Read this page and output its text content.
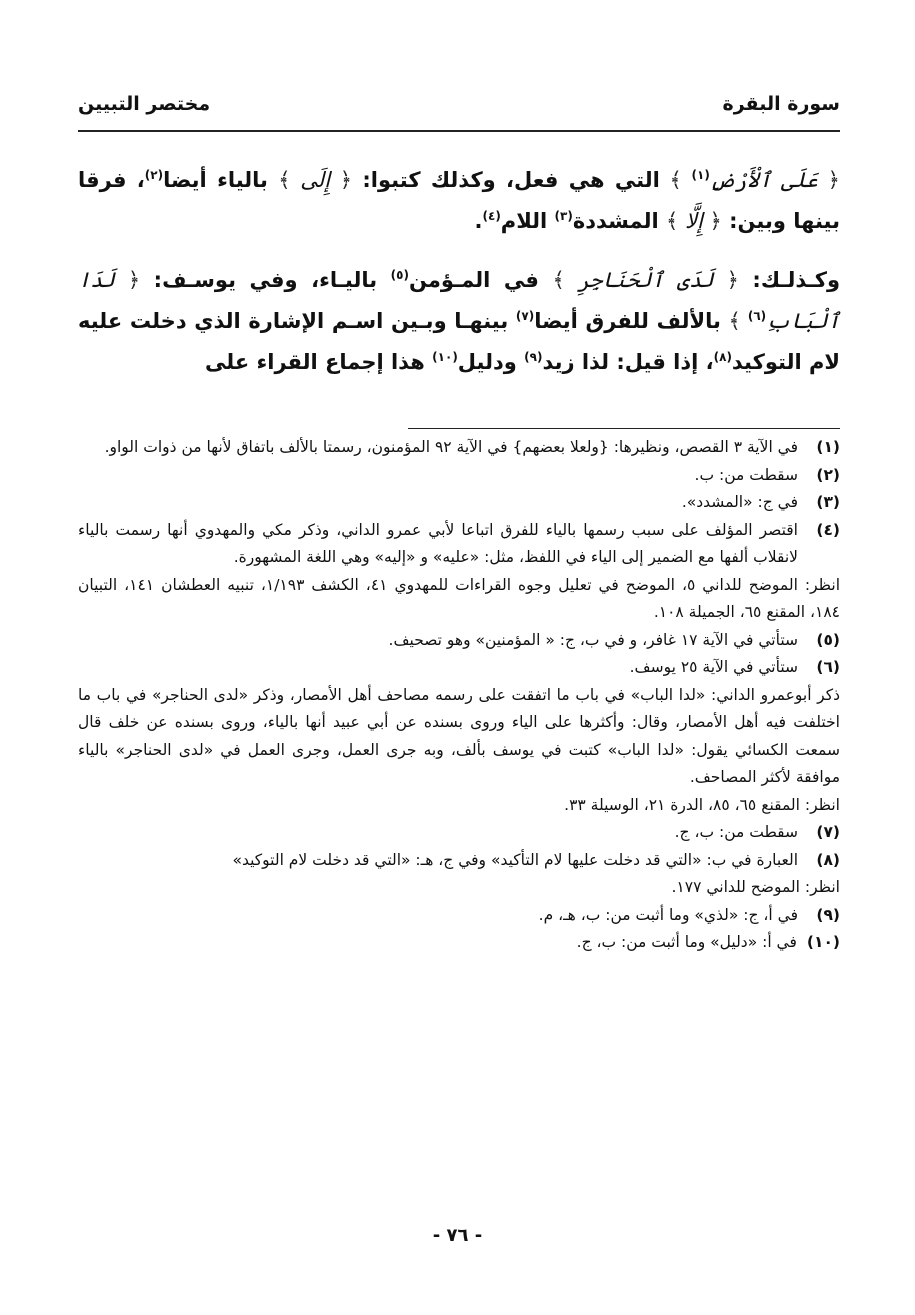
سورة البقرة
مختصر التبيين

﴿ عَلَى ٱلْأَرْضِ$^{(١)}$ ﴾ التي هي فعل، وكذلك كتبوا: ﴿ إِلَى ﴾ بالياء أيضا$^{(٢)}$، فرقا بينها وبين: ﴿ إِلَّا ﴾ المشددة$^{(٣)}$ اللام$^{(٤)}$.

وكـذلـك: ﴿ لَدَى ٱلْحَنَاجِرِ ﴾ في المـؤمن$^{(٥)}$ باليـاء، وفي يوسـف: ﴿ لَدَا ٱلْبَابِ$^{(٦)}$ ﴾ بالألف للفرق أيضا$^{(٧)}$ بينهـا وبـين اسـم الإشارة الذي دخلت عليه لام التوكيد$^{(٨)}$، إذا قيل: لذا زيد$^{(٩)}$ ودليل$^{(١٠)}$ هذا إجماع القراء على

(١)
في الآية ٣ القصص، ونظيرها: {ولعلا بعضهم} في الآية ٩٢ المؤمنون، رسمتا بالألف باتفاق لأنها من ذوات الواو.
(٢)
سقطت من: ب.
(٣)
في ج: «المشدد».
(٤)
اقتصر المؤلف على سبب رسمها بالياء للفرق اتباعا لأبي عمرو الداني، وذكر مكي والمهدوي أنها رسمت بالياء لانقلاب ألفها مع الضمير إلى الياء في اللفظ، مثل: «عليه» و «إليه» وهي اللغة المشهورة.
انظر: الموضح للداني ٥، الموضح في تعليل وجوه القراءات للمهدوي ٤١، الكشف ١/١٩٣، تنبيه العطشان ١٤١، التبيان ١٨٤، المقنع ٦٥، الجميلة ١٠٨.
(٥)
ستأتي في الآية ١٧ غافر، و في ب، ج: « المؤمنين» وهو تصحيف.
(٦)
ستأتي في الآية ٢٥ يوسف.
ذكر أبوعمرو الداني: «لدا الباب» في باب ما اتفقت على رسمه مصاحف أهل الأمصار، وذكر «لدى الحناجر» في باب ما اختلفت فيه أهل الأمصار، وقال: وأكثرها على الياء وروى بسنده عن أبي عبيد أنها بالياء، وروى بسنده عن خلف قال سمعت الكسائي يقول: «لدا الباب» كتبت في يوسف بألف، وبه جرى العمل، وجرى العمل في «لدى الحناجر» بالياء موافقة لأكثر المصاحف.
انظر: المقنع ٦٥، ٨٥، الدرة ٢١، الوسيلة ٣٣.
(٧)
سقطت من: ب، ج.
(٨)
العبارة في ب: «التي قد دخلت عليها لام التأكيد» وفي ج، هـ: «التي قد دخلت لام التوكيد»
انظر: الموضح للداني ١٧٧.
(٩)
في أ، ج: «لذي» وما أثبت من: ب، هـ، م.
(١٠)
في أ: «دليل» وما أثبت من: ب، ج.
- ٧٦ -
